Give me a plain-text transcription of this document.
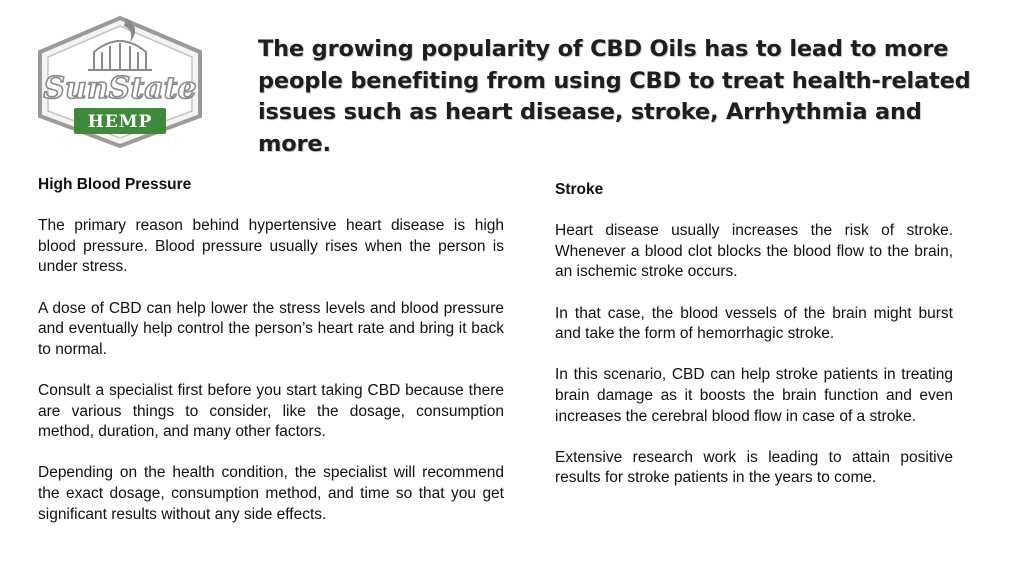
SunState
HEMP
The growing popularity of CBD Oils has to lead to more people benefiting from using CBD to treat health-related issues such as heart disease, stroke, Arrhythmia and more.
High Blood Pressure

The primary reason behind hypertensive heart disease is high blood pressure. Blood pressure usually rises when the person is under stress.

A dose of CBD can help lower the stress levels and blood pressure and eventually help control the person’s heart rate and bring it back to normal.

Consult a specialist first before you start taking CBD because there are various things to consider, like the dosage, consumption method, duration, and many other factors.

Depending on the health condition, the specialist will recommend the exact dosage, consumption method, and time so that you get significant results without any side effects.

Stroke

Heart disease usually increases the risk of stroke. Whenever a blood clot blocks the blood flow to the brain, an ischemic stroke occurs.

In that case, the blood vessels of the brain might burst and take the form of hemorrhagic stroke.

In this scenario, CBD can help stroke patients in treating brain damage as it boosts the brain function and even increases the cerebral blood flow in case of a stroke.

Extensive research work is leading to attain positive results for stroke patients in the years to come.
